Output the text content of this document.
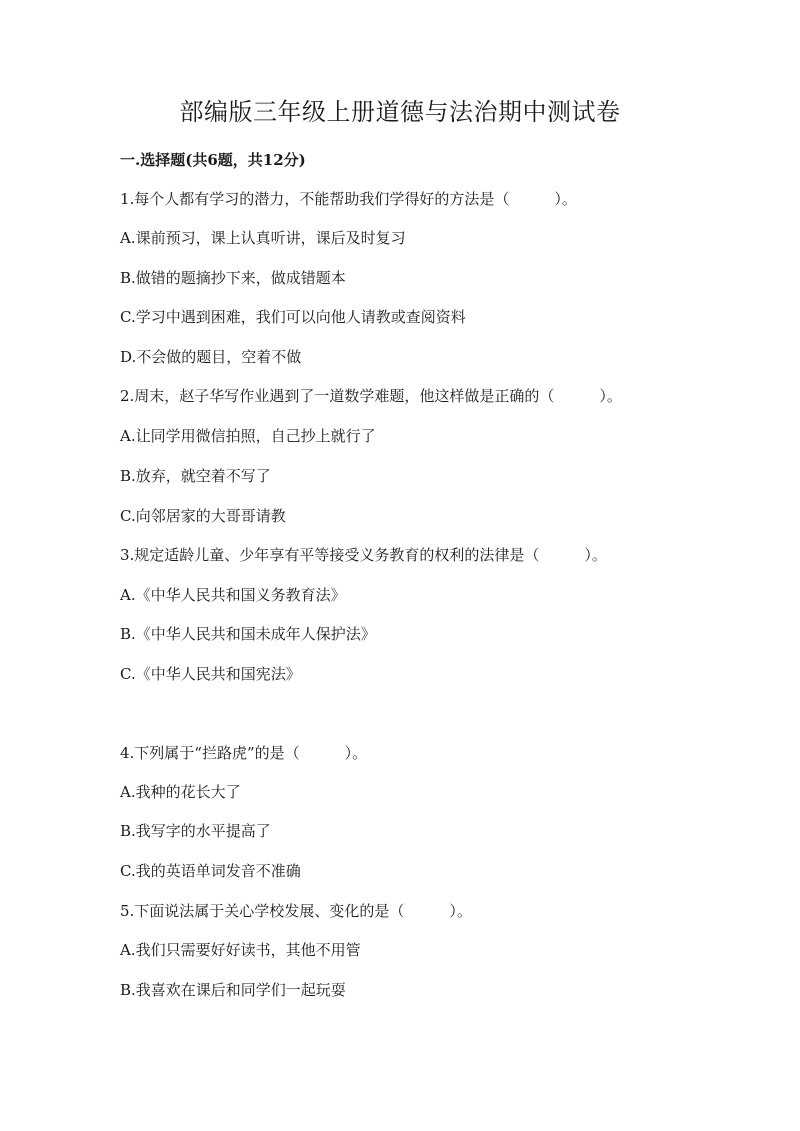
部编版三年级上册道德与法治期中测试卷
一.选择题(共6题，共12分)
1.每个人都有学习的潜力，不能帮助我们学得好的方法是（　　　）。
A.课前预习，课上认真听讲，课后及时复习
B.做错的题摘抄下来，做成错题本
C.学习中遇到困难，我们可以向他人请教或查阅资料
D.不会做的题目，空着不做
2.周末，赵子华写作业遇到了一道数学难题，他这样做是正确的（　　　）。
A.让同学用微信拍照，自己抄上就行了
B.放弃，就空着不写了
C.向邻居家的大哥哥请教
3.规定适龄儿童、少年享有平等接受义务教育的权利的法律是（　　　）。
A.《中华人民共和国义务教育法》
B.《中华人民共和国未成年人保护法》
C.《中华人民共和国宪法》
4.下列属于“拦路虎”的是（　　　）。
A.我种的花长大了
B.我写字的水平提高了
C.我的英语单词发音不准确
5.下面说法属于关心学校发展、变化的是（　　　）。
A.我们只需要好好读书，其他不用管
B.我喜欢在课后和同学们一起玩耍
